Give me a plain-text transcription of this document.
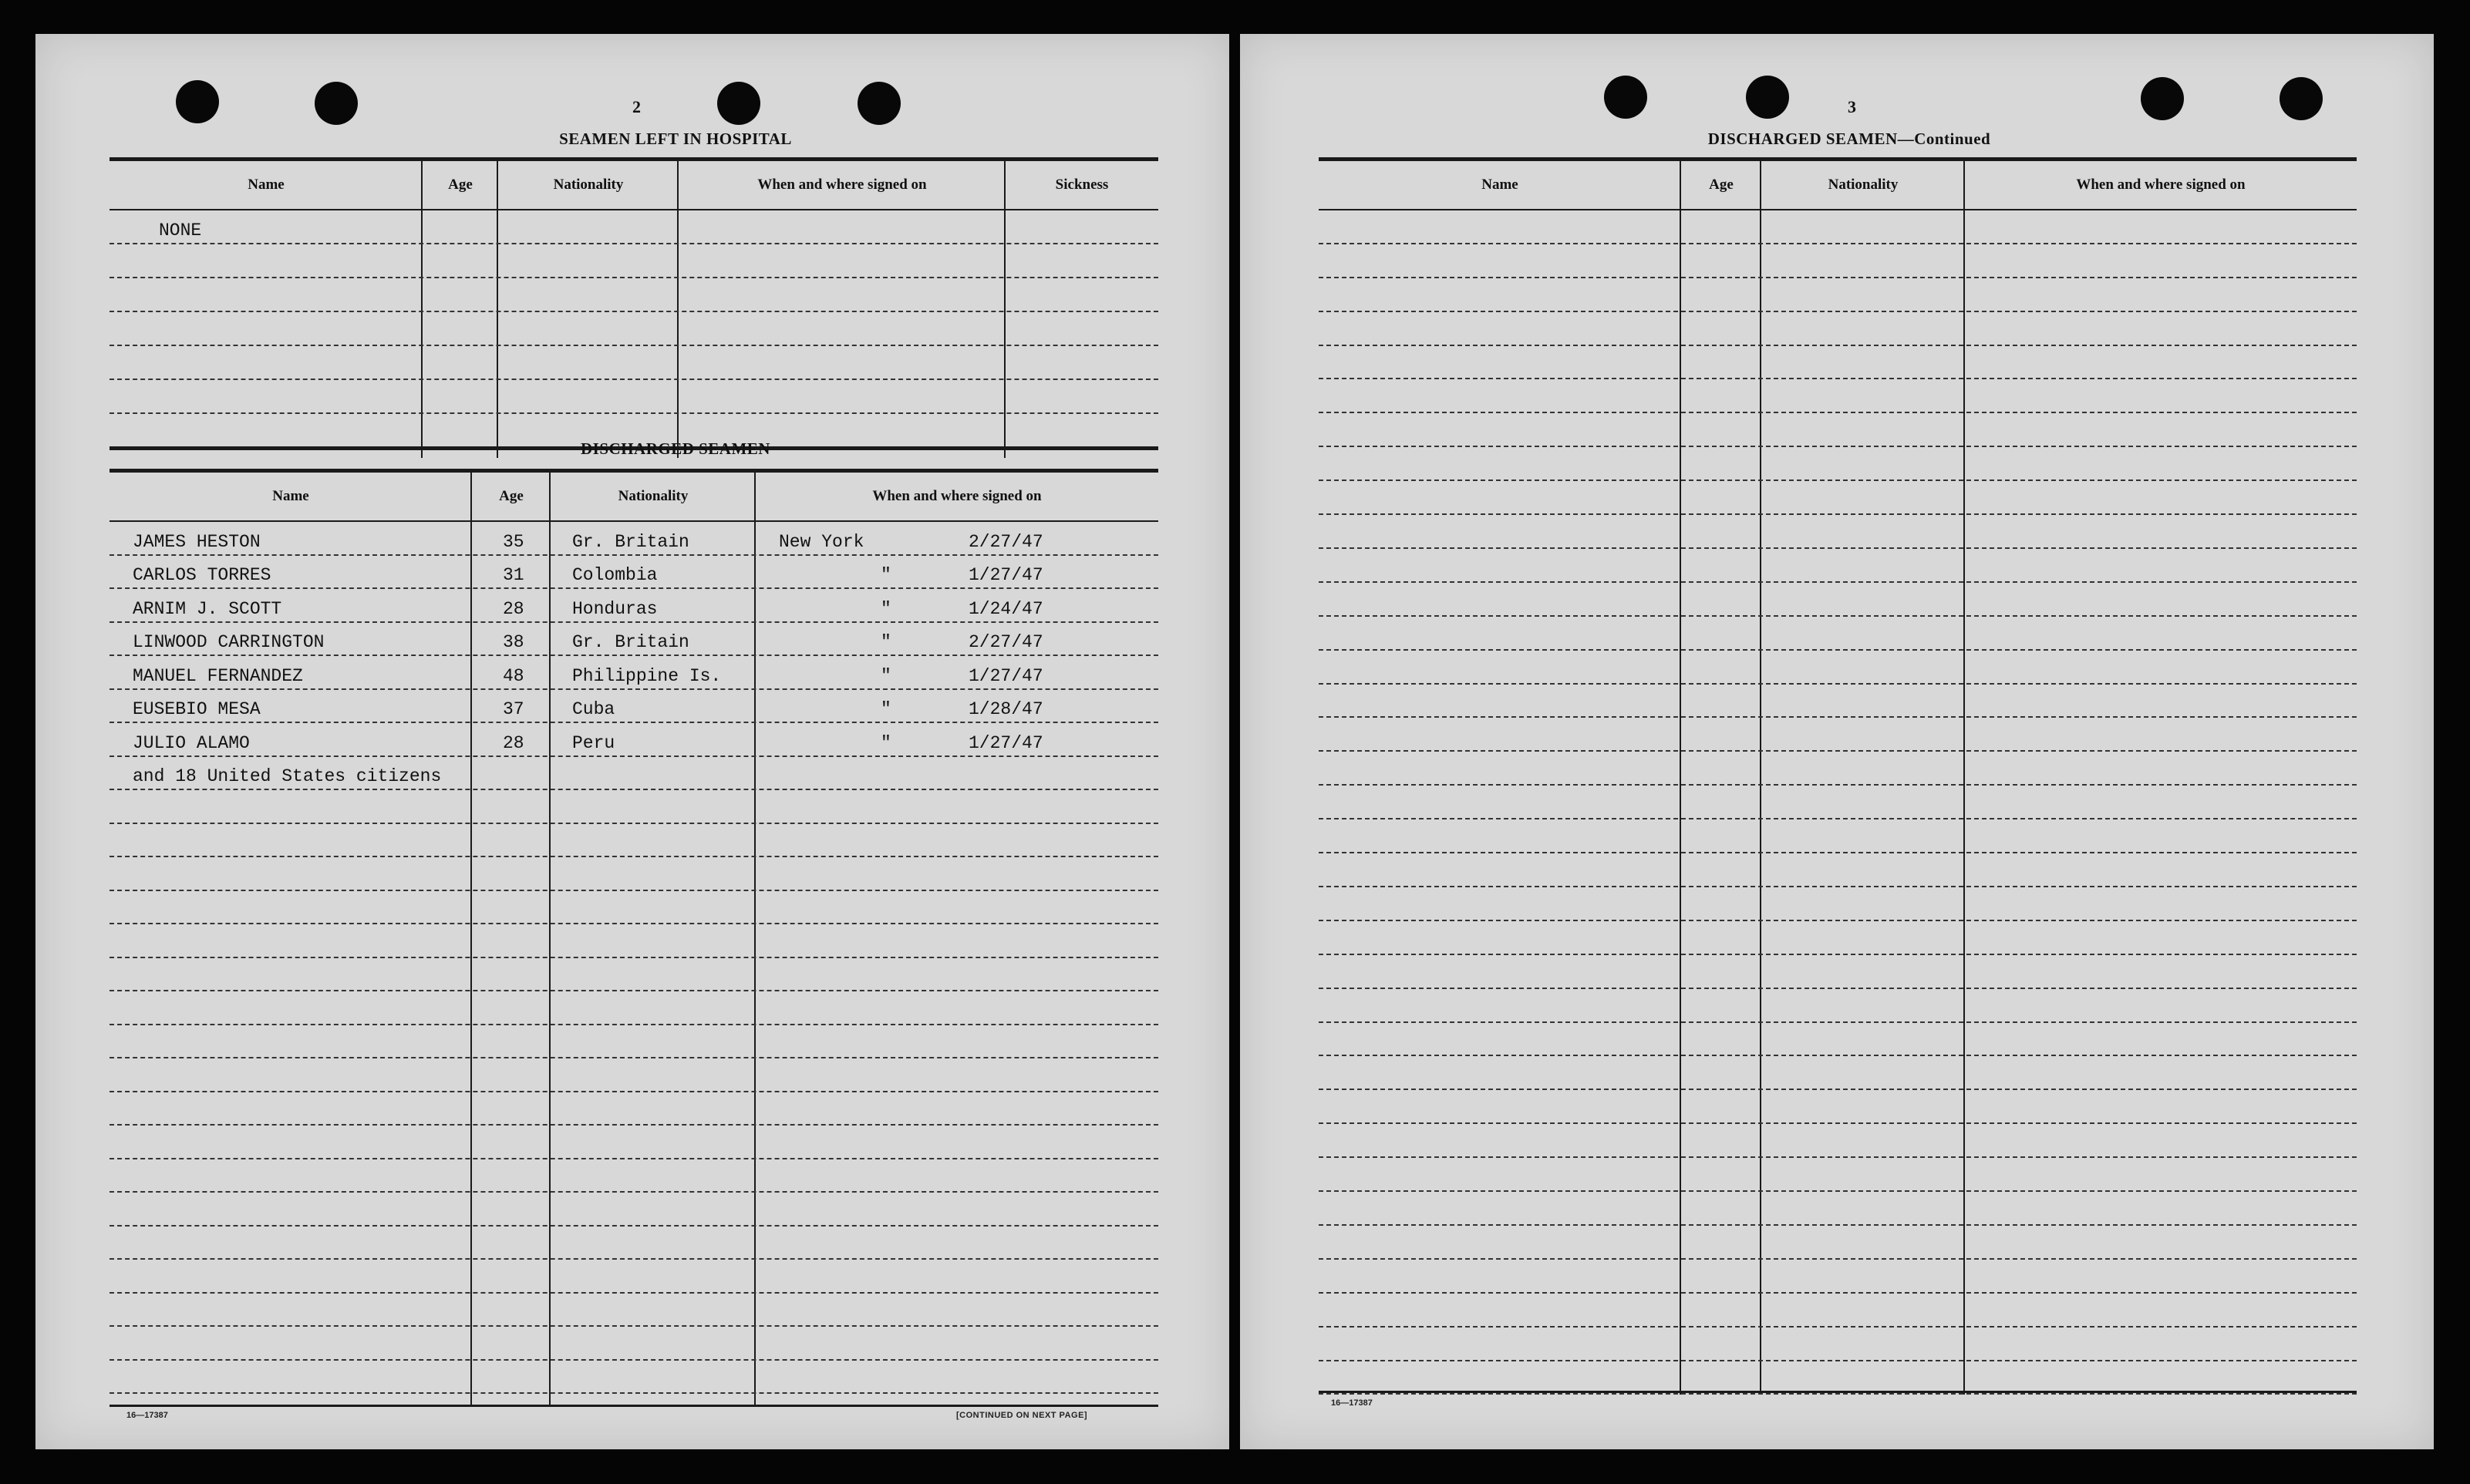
2
SEAMEN LEFT IN HOSPITAL
Name	Age	Nationality	When and where signed on	Sickness
NONE
DISCHARGED SEAMEN
Name	Age	Nationality	When and where signed on
JAMES HESTON	35	Gr. Britain	New York	2/27/47
CARLOS TORRES	31	Colombia	"	1/27/47
ARNIM J. SCOTT	28	Honduras	"	1/24/47
LINWOOD CARRINGTON	38	Gr. Britain	"	2/27/47
MANUEL FERNANDEZ	48	Philippine Is.	"	1/27/47
EUSEBIO MESA	37	Cuba	"	1/28/47
JULIO ALAMO	28	Peru	"	1/27/47
and 18 United States citizens
16—17387	[CONTINUED ON NEXT PAGE]
3
DISCHARGED SEAMEN—Continued
Name	Age	Nationality	When and where signed on
16—17387
